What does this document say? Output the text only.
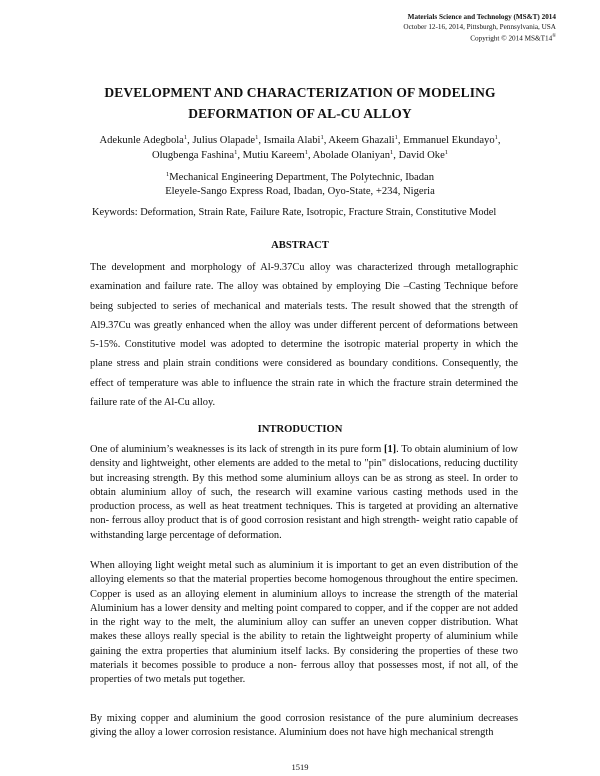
Materials Science and Technology (MS&T) 2014
October 12-16, 2014, Pittsburgh, Pennsylvania, USA
Copyright © 2014 MS&T14®
DEVELOPMENT AND CHARACTERIZATION OF MODELING
DEFORMATION OF AL-CU ALLOY
Adekunle Adegbola$^1$, Julius Olapade$^1$, Ismaila Alabi$^1$, Akeem Ghazali$^1$, Emmanuel Ekundayo$^1$,
Olugbenga Fashina$^1$, Mutiu Kareem$^1$, Abolade Olaniyan$^1$, David Oke$^1$
$^1$Mechanical Engineering Department, The Polytechnic, Ibadan
Eleyele-Sango Express Road, Ibadan, Oyo-State, +234, Nigeria
Keywords: Deformation, Strain Rate, Failure Rate, Isotropic, Fracture Strain, Constitutive Model
ABSTRACT

The development and morphology of Al-9.37Cu alloy was characterized through metallographic examination and failure rate. The alloy was obtained by employing Die –Casting Technique before being subjected to series of mechanical and materials tests. The result showed that the strength of Al9.37Cu was greatly enhanced when the alloy was under different percent of deformations between 5-15%. Constitutive model was adopted to determine the isotropic material property in which the plane stress and plain strain conditions were considered as boundary conditions. Consequently, the effect of temperature was able to influence the strain rate in which the fracture strain determined the failure rate of the Al-Cu alloy.

INTRODUCTION

One of aluminium’s weaknesses is its lack of strength in its pure form [1]. To obtain aluminium of low density and lightweight, other elements are added to the metal to "pin" dislocations, reducing ductility but increasing strength. By this method some aluminium alloys can be as strong as steel. In order to obtain aluminium alloy of such, the research will examine various casting methods used in the production process, as well as heat treatment techniques. This is targeted at providing an alternative non- ferrous alloy product that is of good corrosion resistant and high strength- weight ratio capable of withstanding large percentage of deformation.

When alloying light weight metal such as aluminium it is important to get an even distribution of the alloying elements so that the material properties become homogenous throughout the entire specimen. Copper is used as an alloying element in aluminium alloys to increase the strength of the material Aluminium has a lower density and melting point compared to copper, and if the copper are not added in the right way to the melt, the aluminium alloy can suffer an uneven copper distribution. What makes these alloys really special is the ability to retain the lightweight property of aluminium while gaining the extra properties that aluminium itself lacks. By considering the properties of these two materials it becomes possible to produce a non- ferrous alloy that possesses most, if not all, of the properties of two metals put together.

By mixing copper and aluminium the good corrosion resistance of the pure aluminium decreases giving the alloy a lower corrosion resistance. Aluminium does not have high mechanical strength

1519
